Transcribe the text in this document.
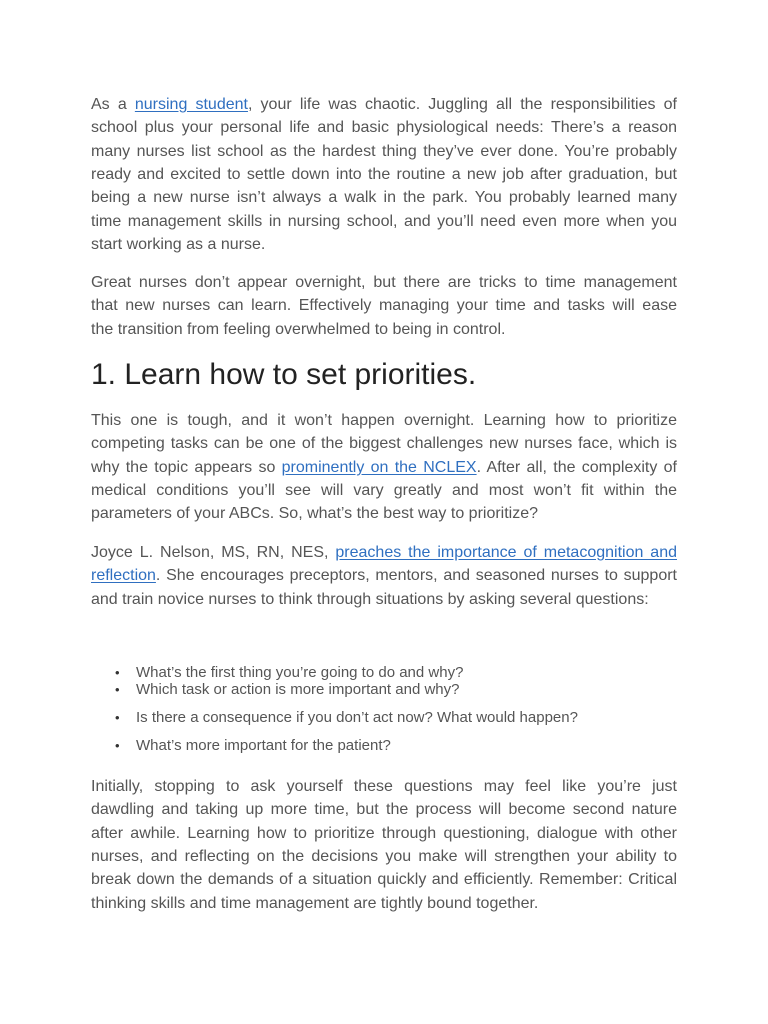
As a nursing student, your life was chaotic. Juggling all the responsibilities of
school plus your personal life and basic physiological needs: There’s a reason
many nurses list school as the hardest thing they’ve ever done. You’re probably
ready and excited to settle down into the routine a new job after graduation, but
being a new nurse isn’t always a walk in the park. You probably learned many
time management skills in nursing school, and you’ll need even more when you
start working as a nurse.

Great nurses don’t appear overnight, but there are tricks to time management
that new nurses can learn. Effectively managing your time and tasks will ease
the transition from feeling overwhelmed to being in control.

1. Learn how to set priorities.

This one is tough, and it won’t happen overnight. Learning how to prioritize
competing tasks can be one of the biggest challenges new nurses face, which is
why the topic appears so prominently on the NCLEX. After all, the complexity of
medical conditions you’ll see will vary greatly and most won’t fit within the
parameters of your ABCs. So, what’s the best way to prioritize?

Joyce L. Nelson, MS, RN, NES, preaches the importance of metacognition and
reflection. She encourages preceptors, mentors, and seasoned nurses to support
and train novice nurses to think through situations by asking several questions:

•
What’s the first thing you’re going to do and why?
•
Which task or action is more important and why?
•
Is there a consequence if you don’t act now? What would happen?
•
What’s more important for the patient?

Initially, stopping to ask yourself these questions may feel like you’re just
dawdling and taking up more time, but the process will become second nature
after awhile. Learning how to prioritize through questioning, dialogue with other
nurses, and reflecting on the decisions you make will strengthen your ability to
break down the demands of a situation quickly and efficiently. Remember: Critical
thinking skills and time management are tightly bound together.
